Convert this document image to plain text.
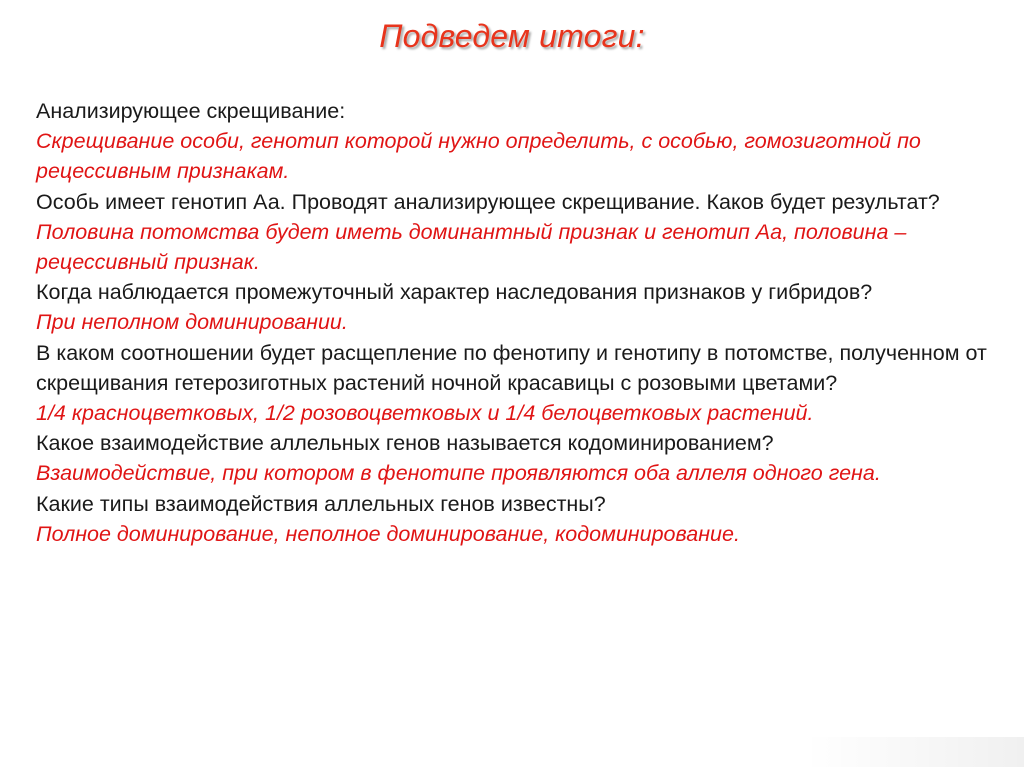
Подведем итоги:

Анализирующее скрещивание:

Скрещивание особи, генотип которой нужно определить, с особью, гомозиготной по рецессивным признакам.

Особь имеет генотип Аа. Проводят анализирующее скрещивание. Каков будет результат?

Половина потомства будет иметь доминантный признак и генотип Аа, половина – рецессивный признак.

Когда наблюдается промежуточный характер наследования признаков у гибридов?

При неполном доминировании.

В каком соотношении будет расщепление по фенотипу и генотипу в потомстве, полученном от скрещивания гетерозиготных растений ночной красавицы с розовыми цветами?

1/4 красноцветковых, 1/2 розовоцветковых и 1/4 белоцветковых растений.

Какое взаимодействие аллельных генов называется кодоминированием?

Взаимодействие, при котором в фенотипе проявляются оба аллеля одного гена.

Какие типы взаимодействия аллельных генов известны?

Полное доминирование, неполное доминирование, кодоминирование.
